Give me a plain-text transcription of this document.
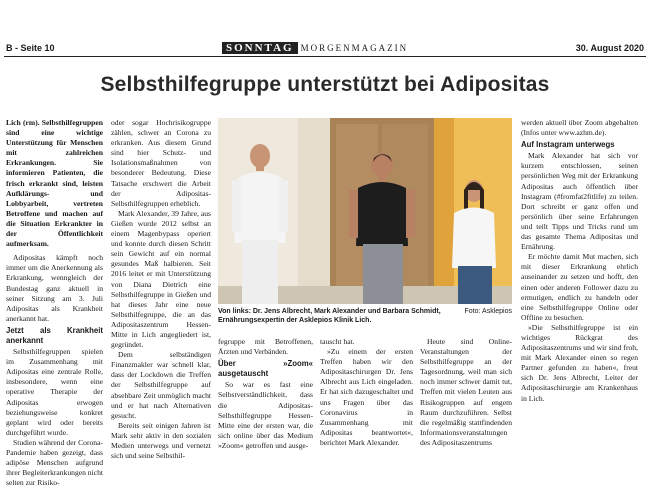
B - Seite 10	SONNTAG MORGENMAGAZIN	30. August 2020
Selbsthilfegruppe unterstützt bei Adipositas

Lich (rm). Selbsthilfegruppen sind eine wichtige Unterstützung für Menschen mit zahlreichen Erkrankungen. Sie informieren Patienten, die frisch erkrankt sind, leisten Aufklärungs- und Lobbyarbeit, vertreten Betroffene und machen auf die Situation Erkrankter in der Öffentlichkeit aufmerksam.

Adipositas kämpft noch immer um die Anerkennung als Erkrankung, wenngleich der Bundestag ganz aktuell in seiner Sitzung am 3. Juli Adipositas als Krankheit anerkannt hat.

Jetzt als Krankheit anerkannt

Selbsthilfegruppen spielen im Zusammenhang mit Adipositas eine zentrale Rolle, insbesondere, wenn eine operative Therapie der Adipositas erwogen beziehungsweise konkret geplant wird oder bereits durchgeführt wurde.

Studien während der Corona-Pandemie haben gezeigt, dass adipöse Menschen aufgrund ihrer Begleiterkrankungen nicht selten zur Risiko-

oder sogar Hochrisikogruppe zählen, schwer an Corona zu erkranken. Aus diesem Grund sind hier Schutz- und Isolationsmaßnahmen von besonderer Bedeutung. Diese Tatsache erschwert die Arbeit der Adipositas-Selbsthilfegruppen erheblich.

Mark Alexander, 39 Jahre, aus Gießen wurde 2012 selbst an einem Magenbypass operiert und konnte durch diesen Schritt sein Gewicht auf ein normal gesundes Maß halbieren. Seit 2016 leitet er mit Unterstützung von Diana Dietrich eine Selbsthilfegruppe in Gießen und hat dieses Jahr eine neue Selbsthilfegruppe, die an das Adipositaszentrum Hessen-Mitte in Lich angegliedert ist, gegründet.

Dem selbständigen Finanzmakler war schnell klar, dass der Lockdown die Treffen der Selbsthilfegruppe auf absehbare Zeit unmöglich macht und er hat nach Alternativen gesucht.

Bereits seit einigen Jahren ist Mark sehr aktiv in den sozialen Medien unterwegs und vernetzt sich und seine Selbsthil-

Foto: Asklepios
Von links: Dr. Jens Albrecht, Mark Alexander und Barbara Schmidt, Ernährungsexpertin der Asklepios Klinik Lich.

fegruppe mit Betroffenen, Ärzten und Verbänden.

Über »Zoom« ausgetauscht

So war es fast eine Selbstverständlichkeit, dass die Adipositas-Selbsthilfegruppe Hessen-Mitte eine der ersten war, die sich online über das Medium »Zoom« getroffen und ausge-

tauscht hat.

»Zu einem der ersten Treffen haben wir den Adipositaschirurgen Dr. Jens Albrecht aus Lich eingeladen. Er hat sich dazugeschaltet und uns Fragen über das Coronavirus in Zusammenhang mit Adipositas beantwortet«, berichtet Mark Alexander.

Heute sind Online-Veranstaltungen der Selbsthilfegruppe an der Tagesordnung, weil man sich noch immer schwer damit tut, Treffen mit vielen Leuten aus Risikogruppen auf engem Raum durchzuführen. Selbst die regelmäßig stattfindenden Informationsveranstaltungen des Adipositaszentrums

werden aktuell über Zoom abgehalten (Infos unter www.azhm.de).

Auf Instagram unterwegs

Mark Alexander hat sich vor kurzem entschlossen, seinen persönlichen Weg mit der Erkrankung Adipositas auch öffentlich über Instagram (#fromfat2fitlife) zu teilen. Dort schreibt er ganz offen und persönlich über seine Erfahrungen und teilt Tipps und Tricks rund um das gesamte Thema Adipositas und Ernährung.

Er möchte damit Mut machen, sich mit dieser Erkrankung ehrlich auseinander zu setzen und hofft, den einen oder anderen Follower dazu zu ermutigen, endlich zu handeln oder eine Selbsthilfegruppe Online oder Offline zu besuchen.

»Die Selbsthilfegruppe ist ein wichtiges Rückgrat des Adipositaszentrums und wir sind froh, mit Mark Alexander einen so regen Partner gefunden zu haben«, freut sich Dr. Jens Albrecht, Leiter der Adipositaschirurgie am Krankenhaus in Lich.
